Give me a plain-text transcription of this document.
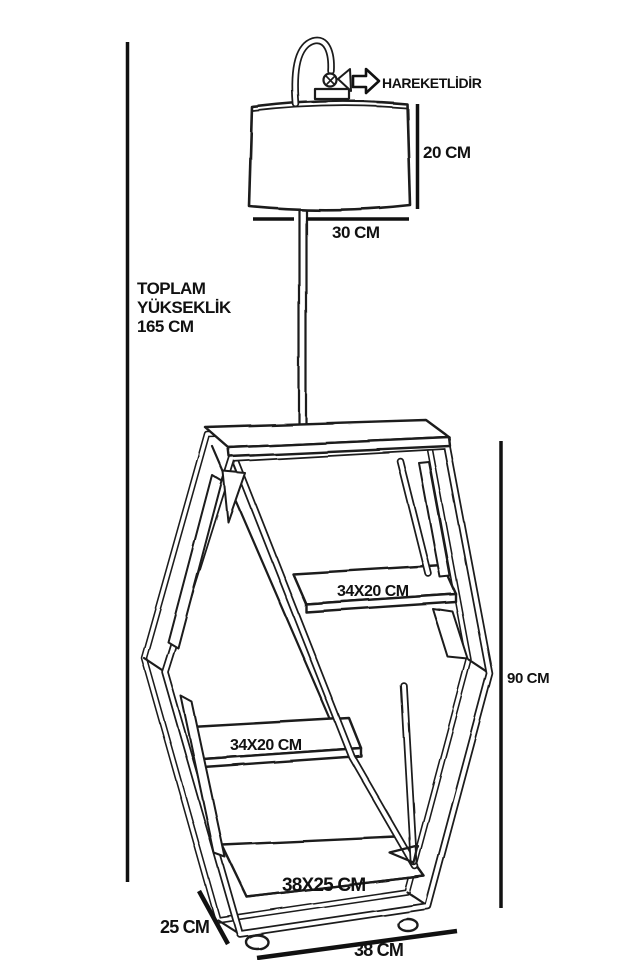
HAREKETLİDİR
20 CM
30 CM
TOPLAM
YÜKSEKLİK
165 CM
90 CM
34X20 CM
34X20 CM
38X25 CM
25 CM
38 CM
